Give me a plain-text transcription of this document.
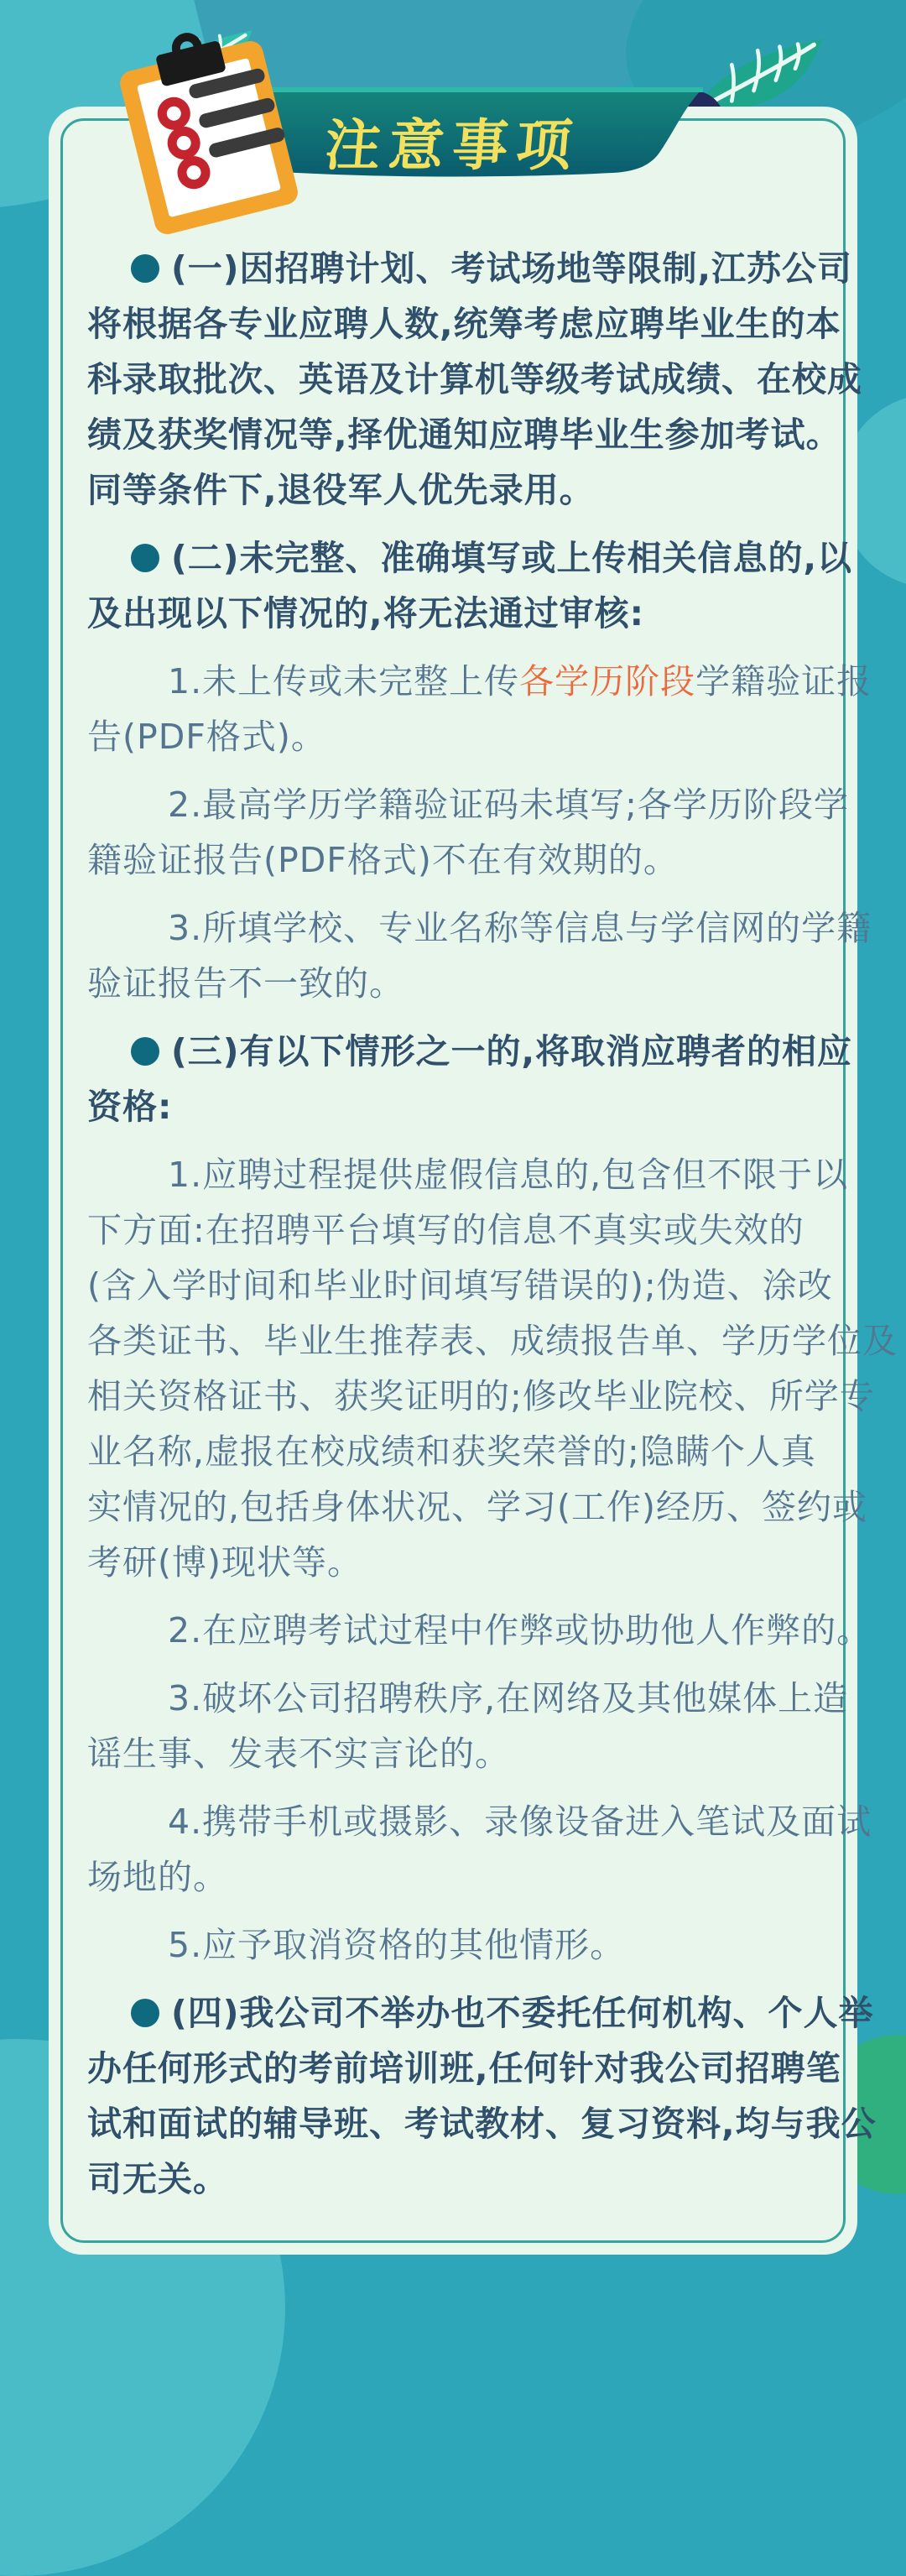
注意事项
(一)因招聘计划、考试场地等限制,江苏公司
将根据各专业应聘人数,统筹考虑应聘毕业生的本
科录取批次、英语及计算机等级考试成绩、在校成
绩及获奖情况等,择优通知应聘毕业生参加考试。
同等条件下,退役军人优先录用。
(二)未完整、准确填写或上传相关信息的,以
及出现以下情况的,将无法通过审核:
1.未上传或未完整上传各学历阶段学籍验证报
告(PDF格式)。
2.最高学历学籍验证码未填写;各学历阶段学
籍验证报告(PDF格式)不在有效期的。
3.所填学校、专业名称等信息与学信网的学籍
验证报告不一致的。
(三)有以下情形之一的,将取消应聘者的相应
资格:
1.应聘过程提供虚假信息的,包含但不限于以
下方面:在招聘平台填写的信息不真实或失效的
(含入学时间和毕业时间填写错误的);伪造、涂改
各类证书、毕业生推荐表、成绩报告单、学历学位及
相关资格证书、获奖证明的;修改毕业院校、所学专
业名称,虚报在校成绩和获奖荣誉的;隐瞒个人真
实情况的,包括身体状况、学习(工作)经历、签约或
考研(博)现状等。
2.在应聘考试过程中作弊或协助他人作弊的。
3.破坏公司招聘秩序,在网络及其他媒体上造
谣生事、发表不实言论的。
4.携带手机或摄影、录像设备进入笔试及面试
场地的。
5.应予取消资格的其他情形。
(四)我公司不举办也不委托任何机构、个人举
办任何形式的考前培训班,任何针对我公司招聘笔
试和面试的辅导班、考试教材、复习资料,均与我公
司无关。
